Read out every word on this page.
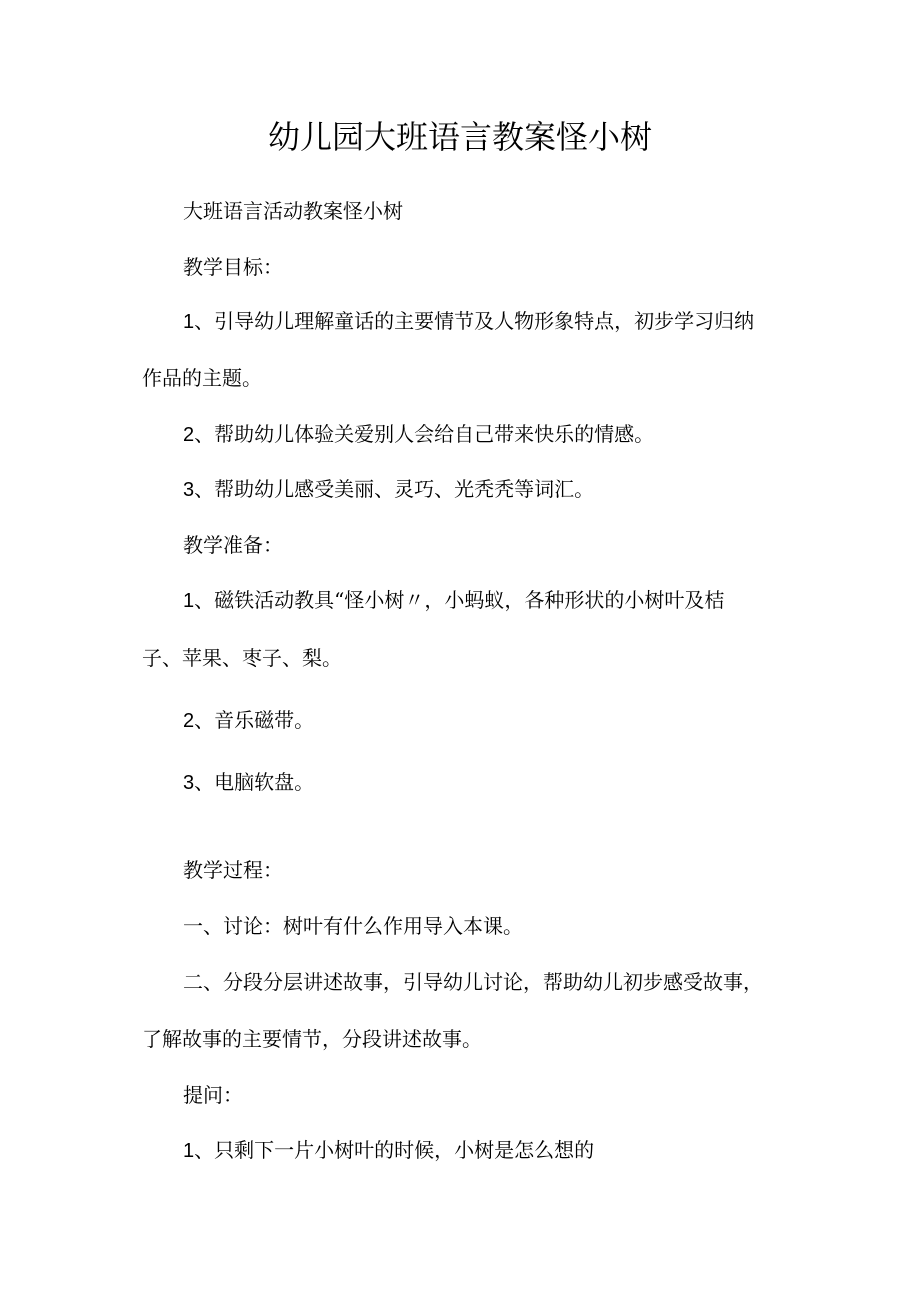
幼儿园大班语言教案怪小树
大班语言活动教案怪小树
教学目标：
1、引导幼儿理解童话的主要情节及人物形象特点，初步学习归纳
作品的主题。
2、帮助幼儿体验关爱别人会给自己带来快乐的情感。
3、帮助幼儿感受美丽、灵巧、光秃秃等词汇。
教学准备：
1、磁铁活动教具“怪小树〃，小蚂蚁，各种形状的小树叶及桔
子、苹果、枣子、梨。
2、音乐磁带。
3、电脑软盘。
教学过程：
一、讨论：树叶有什么作用导入本课。
二、分段分层讲述故事，引导幼儿讨论，帮助幼儿初步感受故事，
了解故事的主要情节，分段讲述故事。
提问：
1、只剩下一片小树叶的时候，小树是怎么想的
